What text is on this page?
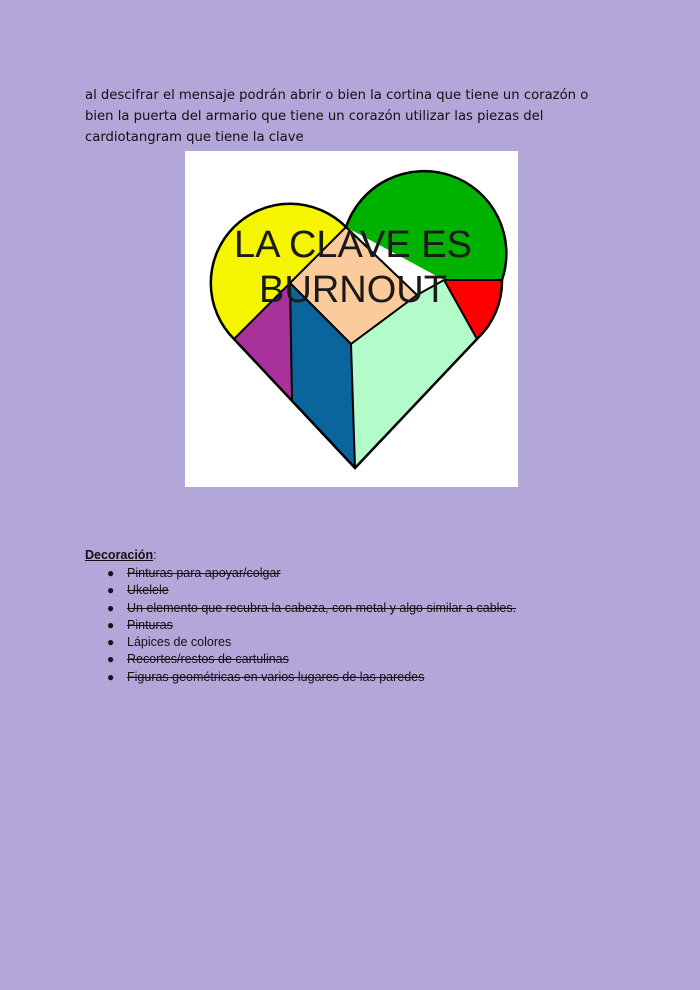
al descifrar el mensaje podrán abrir o bien la cortina que tiene un corazón o bien la puerta del armario que tiene un corazón utilizar las piezas del cardiotangram que tiene la clave

LA CLAVE ES
BURNOUT

Decoración:

● Pinturas para apoyar/colgar
● Ukelele
● Un elemento que recubra la cabeza, con metal y algo similar a cables.
● Pinturas
● Lápices de colores
● Recortes/restos de cartulinas
● Figuras geométricas en varios lugares de las paredes
